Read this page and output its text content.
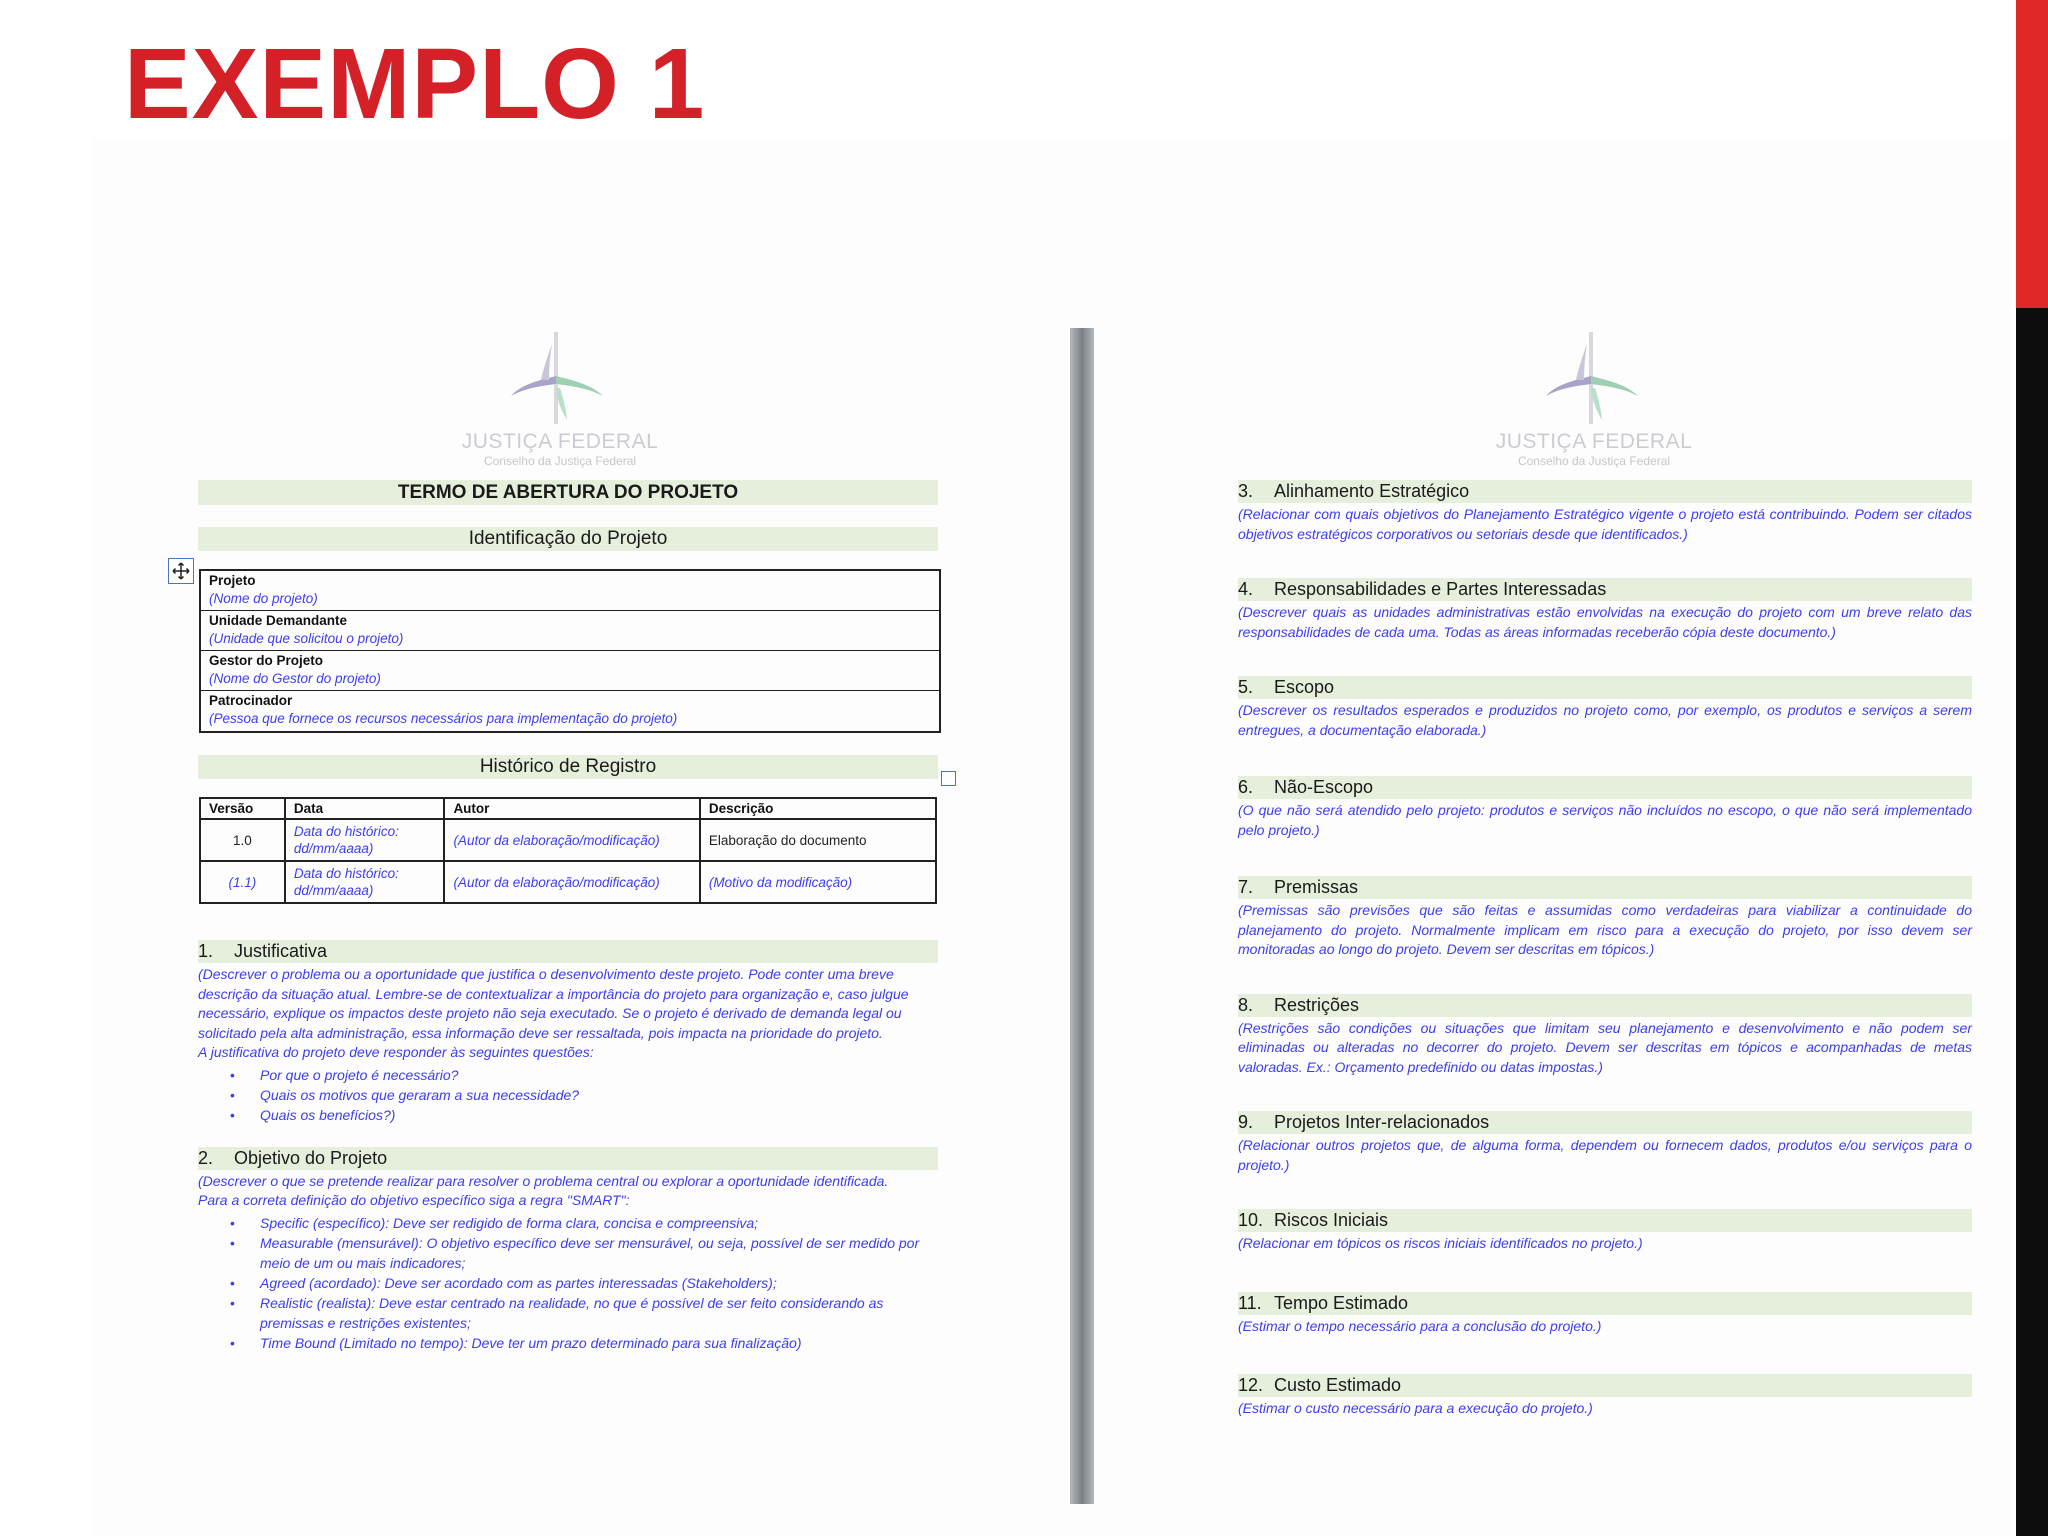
EXEMPLO 1
JUSTIÇA FEDERAL
Conselho da Justiça Federal
TERMO DE ABERTURA DO PROJETO
Identificação do Projeto
Projeto
(Nome do projeto)
Unidade Demandante
(Unidade que solicitou o projeto)
Gestor do Projeto
(Nome do Gestor do projeto)
Patrocinador
(Pessoa que fornece os recursos necessários para implementação do projeto)
Histórico de Registro
Versão	Data	Autor	Descrição
1.0	Data do histórico: dd/mm/aaaa)	(Autor da elaboração/modificação)	Elaboração do documento
(1.1)	Data do histórico: dd/mm/aaaa)	(Autor da elaboração/modificação)	(Motivo da modificação)
1. Justificativa
(Descrever o problema ou a oportunidade que justifica o desenvolvimento deste projeto. Pode conter uma breve descrição da situação atual. Lembre-se de contextualizar a importância do projeto para organização e, caso julgue necessário, explique os impactos deste projeto não seja executado. Se o projeto é derivado de demanda legal ou solicitado pela alta administração, essa informação deve ser ressaltada, pois impacta na prioridade do projeto.
A justificativa do projeto deve responder às seguintes questões:
• Por que o projeto é necessário?
• Quais os motivos que geraram a sua necessidade?
• Quais os benefícios?)
2. Objetivo do Projeto
(Descrever o que se pretende realizar para resolver o problema central ou explorar a oportunidade identificada.
Para a correta definição do objetivo específico siga a regra "SMART":
• Specific (específico): Deve ser redigido de forma clara, concisa e compreensiva;
• Measurable (mensurável): O objetivo específico deve ser mensurável, ou seja, possível de ser medido por meio de um ou mais indicadores;
• Agreed (acordado): Deve ser acordado com as partes interessadas (Stakeholders);
• Realistic (realista): Deve estar centrado na realidade, no que é possível de ser feito considerando as premissas e restrições existentes;
• Time Bound (Limitado no tempo): Deve ter um prazo determinado para sua finalização)
JUSTIÇA FEDERAL
Conselho da Justiça Federal
3. Alinhamento Estratégico
(Relacionar com quais objetivos do Planejamento Estratégico vigente o projeto está contribuindo. Podem ser citados objetivos estratégicos corporativos ou setoriais desde que identificados.)
4. Responsabilidades e Partes Interessadas
(Descrever quais as unidades administrativas estão envolvidas na execução do projeto com um breve relato das responsabilidades de cada uma. Todas as áreas informadas receberão cópia deste documento.)
5. Escopo
(Descrever os resultados esperados e produzidos no projeto como, por exemplo, os produtos e serviços a serem entregues, a documentação elaborada.)
6. Não-Escopo
(O que não será atendido pelo projeto: produtos e serviços não incluídos no escopo, o que não será implementado pelo projeto.)
7. Premissas
(Premissas são previsões que são feitas e assumidas como verdadeiras para viabilizar a continuidade do planejamento do projeto. Normalmente implicam em risco para a execução do projeto, por isso devem ser monitoradas ao longo do projeto. Devem ser descritas em tópicos.)
8. Restrições
(Restrições são condições ou situações que limitam seu planejamento e desenvolvimento e não podem ser eliminadas ou alteradas no decorrer do projeto. Devem ser descritas em tópicos e acompanhadas de metas valoradas. Ex.: Orçamento predefinido ou datas impostas.)
9. Projetos Inter-relacionados
(Relacionar outros projetos que, de alguma forma, dependem ou fornecem dados, produtos e/ou serviços para o projeto.)
10. Riscos Iniciais
(Relacionar em tópicos os riscos iniciais identificados no projeto.)
11. Tempo Estimado
(Estimar o tempo necessário para a conclusão do projeto.)
12. Custo Estimado
(Estimar o custo necessário para a execução do projeto.)
